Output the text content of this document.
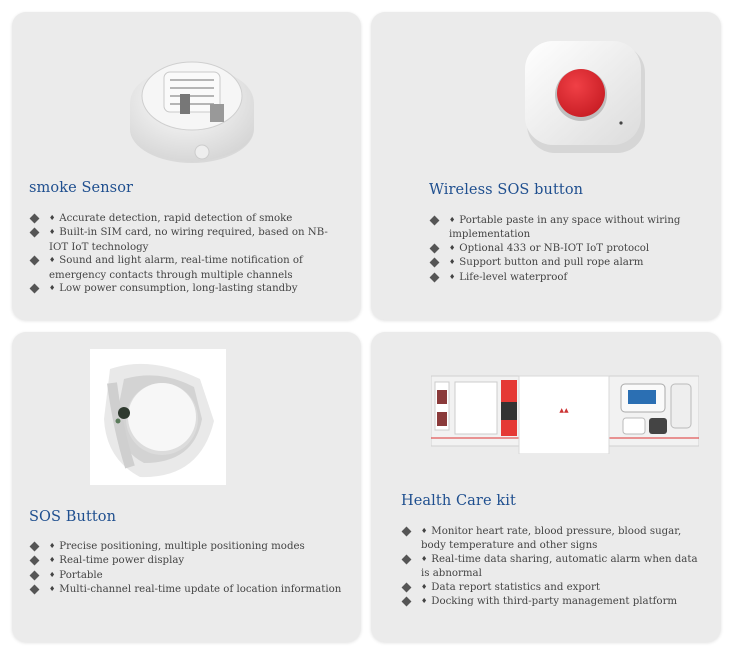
smoke Sensor
♦ Accurate detection, rapid detection of smoke
♦ Built-in SIM card, no wiring required, based on NB-IOT IoT technology
♦ Sound and light alarm, real-time notification of emergency contacts through multiple channels
♦ Low power consumption, long-lasting standby
Wireless SOS button
♦ Portable paste in any space without wiring implementation
♦ Optional 433 or NB-IOT IoT protocol
♦ Support button and pull rope alarm
♦ Life-level waterproof
SOS Button
♦ Precise positioning, multiple positioning modes
♦ Real-time power display
♦ Portable
♦ Multi-channel real-time update of location information
▲▲
Health Care kit
♦ Monitor heart rate, blood pressure, blood sugar, body temperature and other signs
♦ Real-time data sharing, automatic alarm when data is abnormal
♦ Data report statistics and export
♦ Docking with third-party management platform
